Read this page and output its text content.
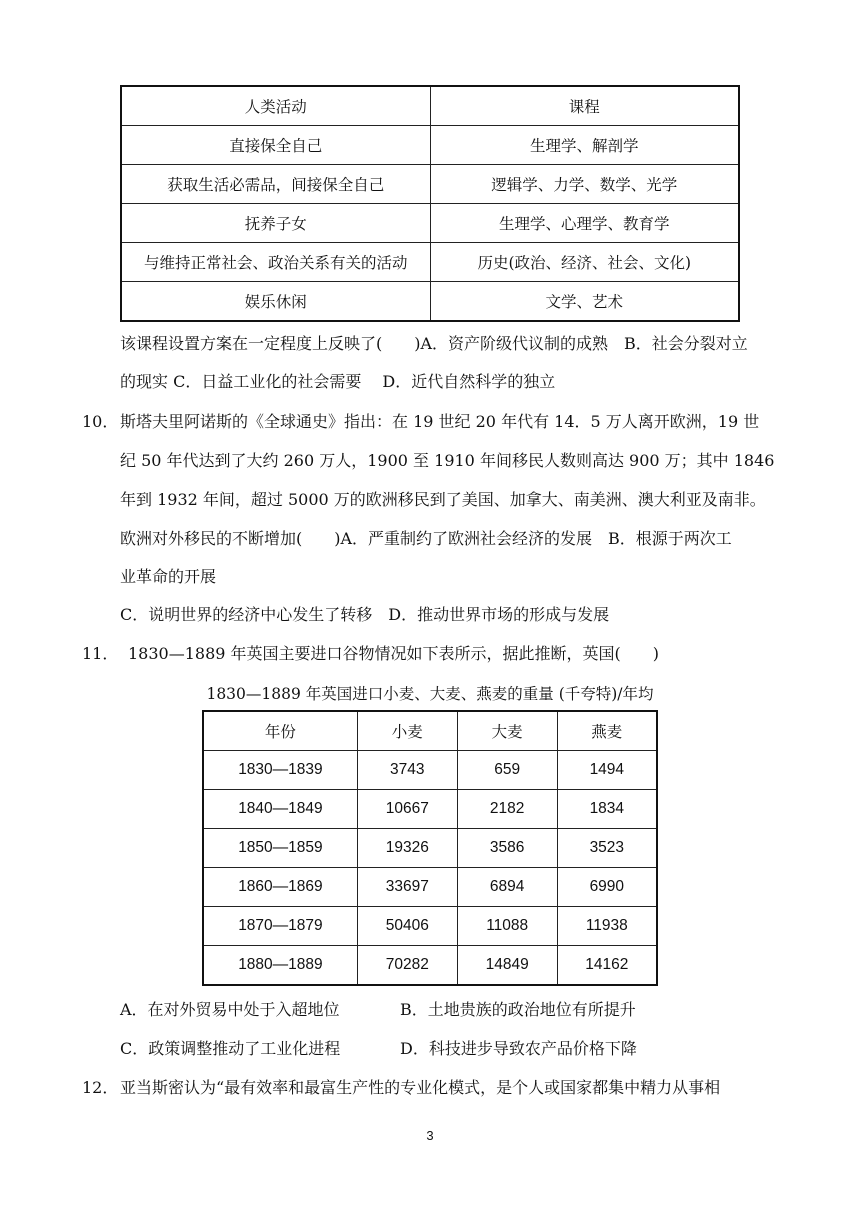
人类活动	课程
直接保全自己	生理学、解剖学
获取生活必需品，间接保全自己	逻辑学、力学、数学、光学
抚养子女	生理学、心理学、教育学
与维持正常社会、政治关系有关的活动	历史(政治、经济、社会、文化)
娱乐休闲	文学、艺术
该课程设置方案在一定程度上反映了(　　)A．资产阶级代议制的成熟　B．社会分裂对立
的现实 C．日益工业化的社会需要　 D．近代自然科学的独立
10． 斯塔夫里阿诺斯的《全球通史》指出：在 19 世纪 20 年代有 14．5 万人离开欧洲，19 世
纪 50 年代达到了大约 260 万人，1900 至 1910 年间移民人数则高达 900 万；其中 1846
年到 1932 年间，超过 5000 万的欧洲移民到了美国、加拿大、南美洲、澳大利亚及南非。
欧洲对外移民的不断增加(　　)A．严重制约了欧洲社会经济的发展　B．根源于两次工
业革命的开展
C．说明世界的经济中心发生了转移　D．推动世界市场的形成与发展
11． 1830—1889 年英国主要进口谷物情况如下表所示，据此推断，英国(　　)
1830—1889 年英国进口小麦、大麦、燕麦的重量 (千夸特)/年均
年份	小麦	大麦	燕麦
1830—1839	3743	659	1494
1840—1849	10667	2182	1834
1850—1859	19326	3586	3523
1860—1869	33697	6894	6990
1870—1879	50406	11088	11938
1880—1889	70282	14849	14162
A．在对外贸易中处于入超地位	B．土地贵族的政治地位有所提升
C．政策调整推动了工业化进程	D．科技进步导致农产品价格下降
12． 亚当斯密认为“最有效率和最富生产性的专业化模式，是个人或国家都集中精力从事相
3
